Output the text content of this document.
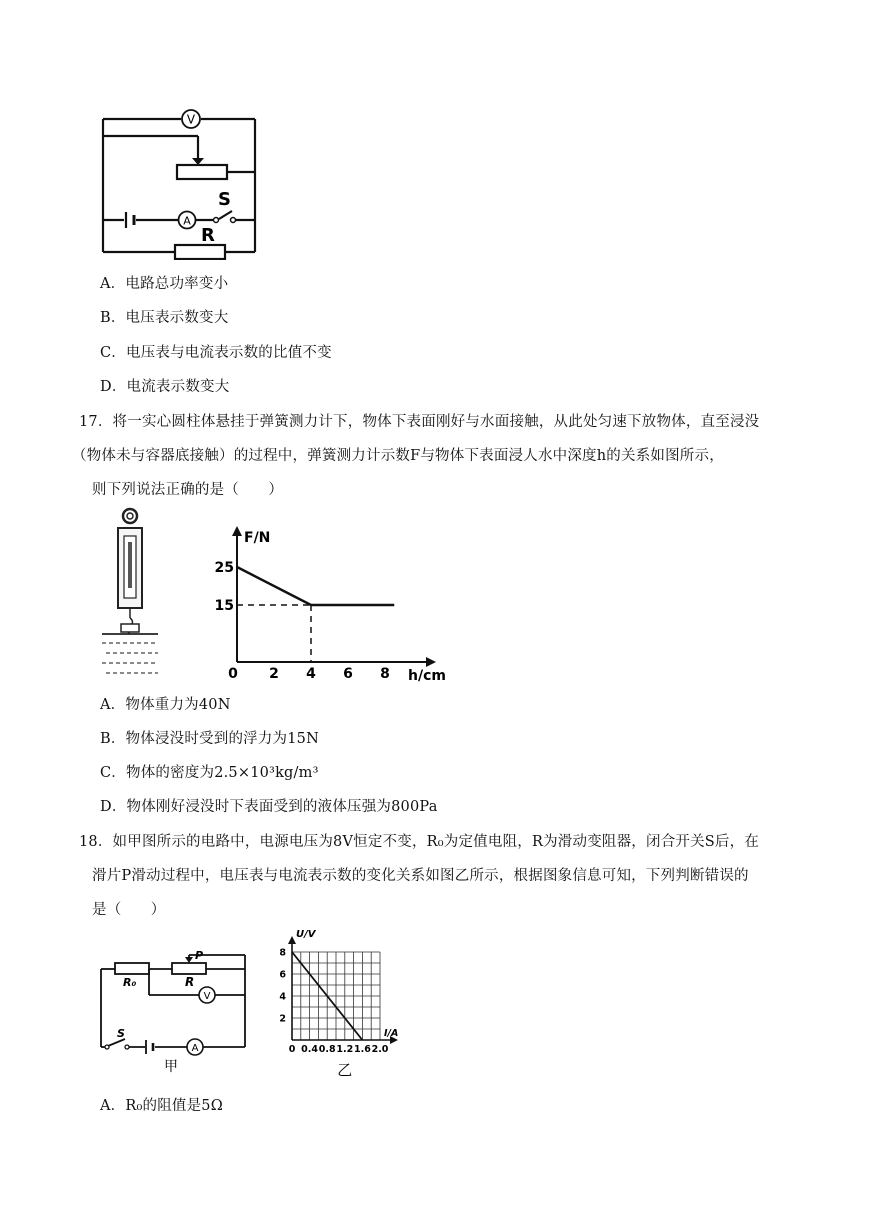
V
A
S
R
A．电路总功率变小
B．电压表示数变大
C．电压表与电流表示数的比值不变
D．电流表示数变大
17．将一实心圆柱体悬挂于弹簧测力计下，物体下表面刚好与水面接触，从此处匀速下放物体，直至浸没
（物体未与容器底接触）的过程中，弹簧测力计示数F与物体下表面浸人水中深度h的关系如图所示，
则下列说法正确的是（　　）
0 2 4 6 8
15
25
h/cm
F/N
A．物体重力为40N
B．物体浸没时受到的浮力为15N
C．物体的密度为2.5×10³kg/m³
D．物体刚好浸没时下表面受到的液体压强为800Pa
18．如甲图所示的电路中，电源电压为8V恒定不变，R₀为定值电阻，R为滑动变阻器，闭合开关S后，在
滑片P滑动过程中，电压表与电流表示数的变化关系如图乙所示，根据图象信息可知，下列判断错误的
是（　　）
V
A
R₀	R
P
S
甲
0 0.4 0.8 1.2 1.6 2.0
2
4
6
8
I/A
U/V
乙
A．R₀的阻值是5Ω
